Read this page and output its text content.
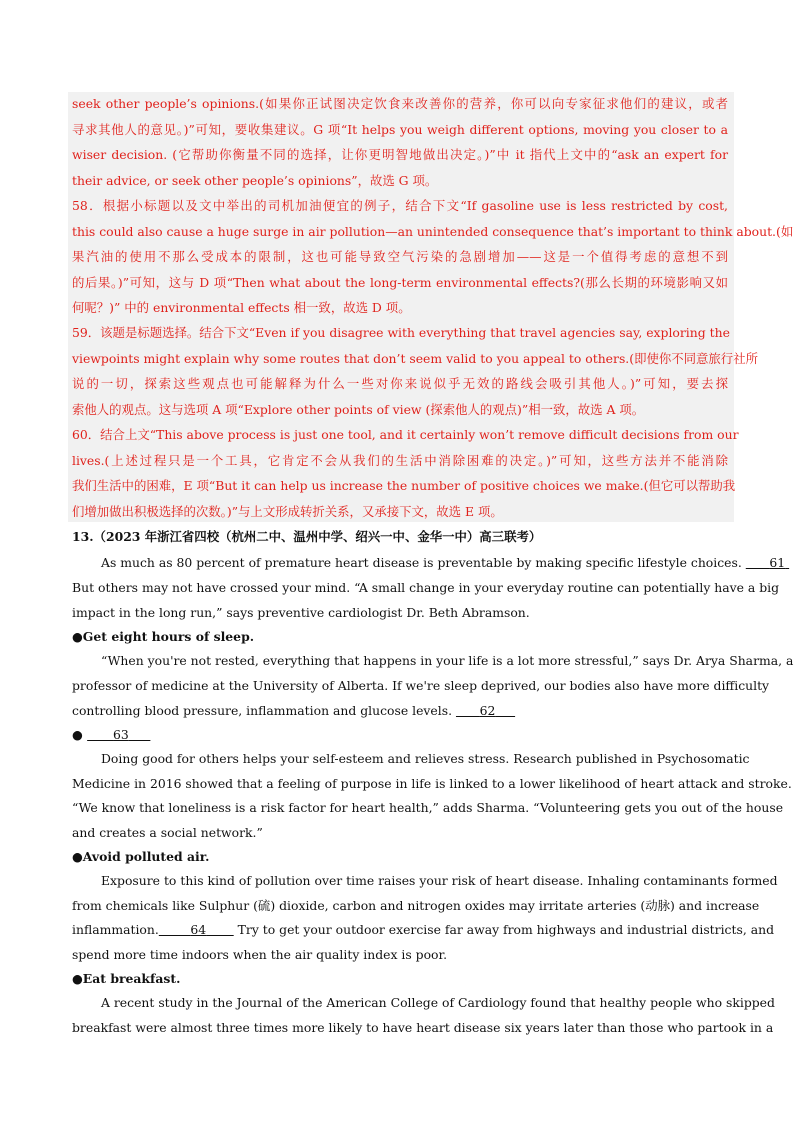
seek other people’s opinions.(如果你正试图决定饮食来改善你的营养，你可以向专家征求他们的建议，或者
寻求其他人的意见。)”可知，要收集建议。G 项“It helps you weigh different options, moving you closer to a
wiser decision. (它帮助你衡量不同的选择，让你更明智地做出决定。)”中 it 指代上文中的“ask an expert for
their advice, or seek other people’s opinions”，故选 G 项。
58．根据小标题以及文中举出的司机加油便宜的例子，结合下文“If gasoline use is less restricted by cost,
this could also cause a huge surge in air pollution—an unintended consequence that’s important to think about.(如
果汽油的使用不那么受成本的限制，这也可能导致空气污染的急剧增加——这是一个值得考虑的意想不到
的后果。)”可知，这与 D 项“Then what about the long-term environmental effects?(那么长期的环境影响又如
何呢？)” 中的 environmental effects 相一致，故选 D 项。
59．该题是标题选择。结合下文“Even if you disagree with everything that travel agencies say, exploring the
viewpoints might explain why some routes that don’t seem valid to you appeal to others.(即使你不同意旅行社所
说的一切，探索这些观点也可能解释为什么一些对你来说似乎无效的路线会吸引其他人。)”可知，要去探
索他人的观点。这与选项 A 项“Explore other points of view (探索他人的观点)”相一致，故选 A 项。
60．结合上文“This above process is just one tool, and it certainly won’t remove difficult decisions from our
lives.(上述过程只是一个工具，它肯定不会从我们的生活中消除困难的决定。)”可知，这些方法并不能消除
我们生活中的困难，E 项“But it can help us increase the number of positive choices we make.(但它可以帮助我
们增加做出积极选择的次数。)”与上文形成转折关系，又承接下文，故选 E 项。
13.（2023 年浙江省四校（杭州二中、温州中学、绍兴一中、金华一中）高三联考）
As much as 80 percent of premature heart disease is preventable by making specific lifestyle choices. 61
But others may not have crossed your mind. “A small change in your everyday routine can potentially have a big
impact in the long run,” says preventive cardiologist Dr. Beth Abramson.
●Get eight hours of sleep.
“When you're not rested, everything that happens in your life is a lot more stressful,” says Dr. Arya Sharma, a
professor of medicine at the University of Alberta. If we're sleep deprived, our bodies also have more difficulty
controlling blood pressure, inflammation and glucose levels. 62
● 63
Doing good for others helps your self-esteem and relieves stress. Research published in Psychosomatic
Medicine in 2016 showed that a feeling of purpose in life is linked to a lower likelihood of heart attack and stroke.
“We know that loneliness is a risk factor for heart health,” adds Sharma. “Volunteering gets you out of the house
and creates a social network.”
●Avoid polluted air.
Exposure to this kind of pollution over time raises your risk of heart disease. Inhaling contaminants formed
from chemicals like Sulphur (硫) dioxide, carbon and nitrogen oxides may irritate arteries (动脉) and increase
inflammation.	64	Try to get your outdoor exercise far away from highways and industrial districts, and
spend more time indoors when the air quality index is poor.
●Eat breakfast.
A recent study in the Journal of the American College of Cardiology found that healthy people who skipped
breakfast were almost three times more likely to have heart disease six years later than those who partook in a
